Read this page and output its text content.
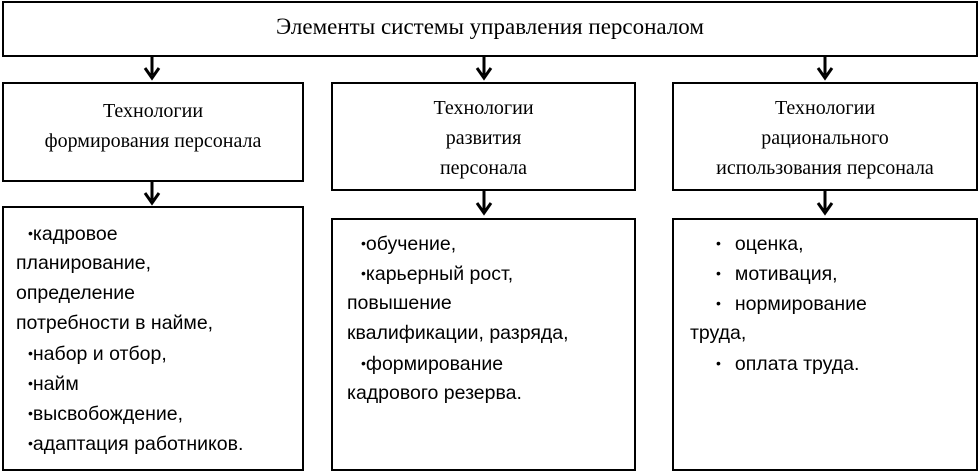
Элементы системы управления персоналом
Технологии
формирования персонала
Технологии
развития
персонала
Технологии
рационального
использования персонала
•кадровое
планирование,
определение
потребности в найме,
•набор и отбор,
•найм
•высвобождение,
•адаптация работников.
•обучение,
•карьерный рост,
повышение
квалификации, разряда,
•формирование
кадрового резерва.
• оценка,
• мотивация,
• нормирование
труда,
• оплата труда.
